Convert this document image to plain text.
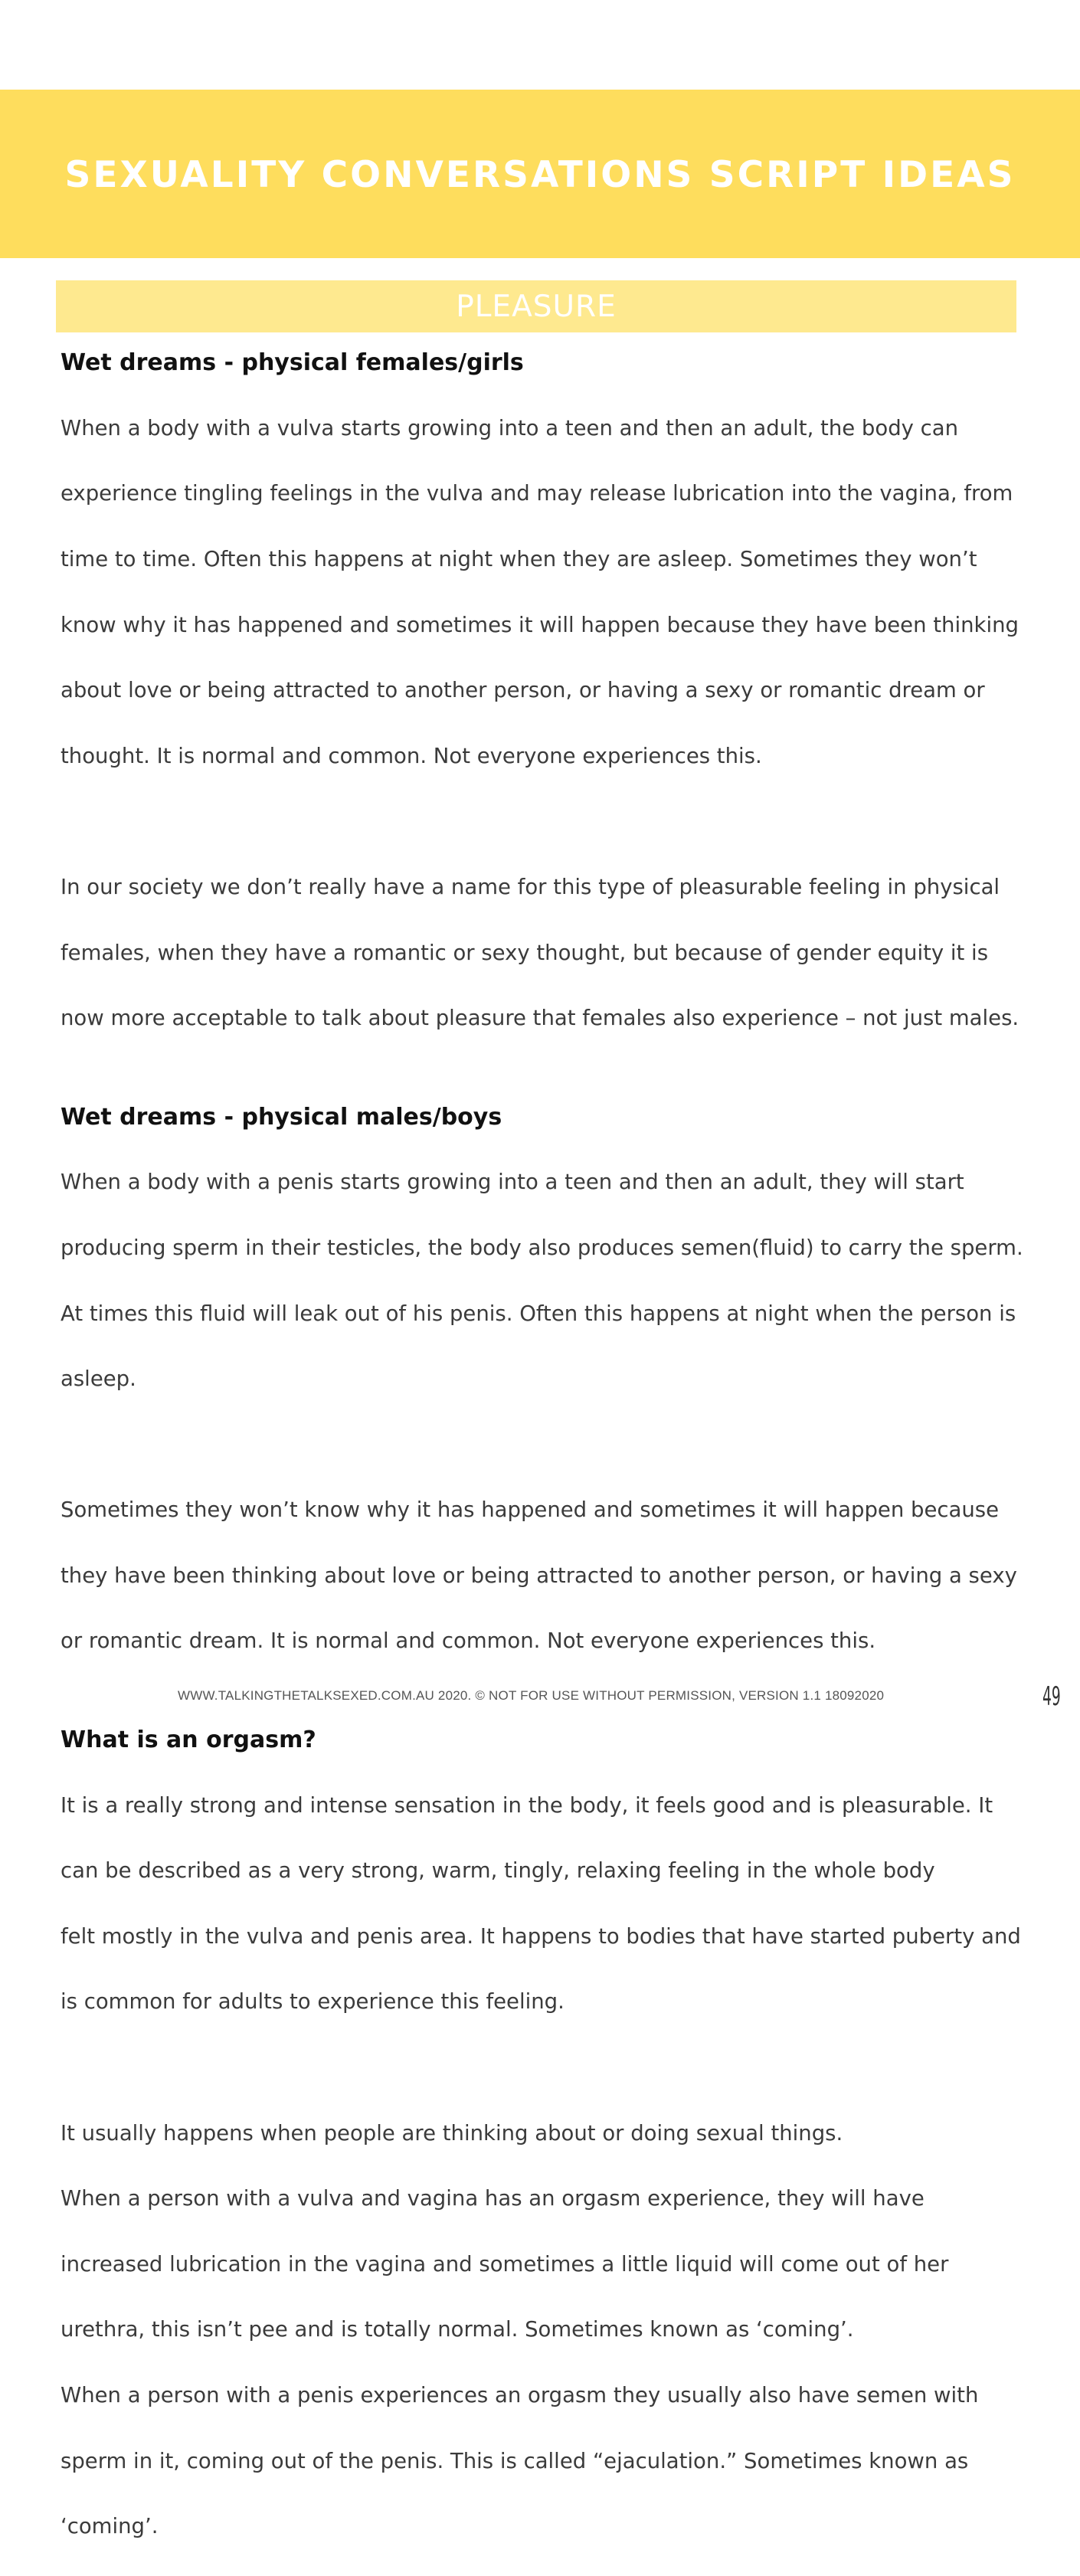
SEXUALITY CONVERSATIONS SCRIPT IDEAS
PLEASURE
Wet dreams - physical females/girls

When a body with a vulva starts growing into a teen and then an adult, the body can

experience tingling feelings in the vulva and may release lubrication into the vagina, from

time to time. Often this happens at night when they are asleep. Sometimes they won’t

know why it has happened and sometimes it will happen because they have been thinking

about love or being attracted to another person, or having a sexy or romantic dream or

thought. It is normal and common. Not everyone experiences this.

In our society we don’t really have a name for this type of pleasurable feeling in physical

females, when they have a romantic or sexy thought, but because of gender equity it is

now more acceptable to talk about pleasure that females also experience – not just males.

Wet dreams - physical males/boys

When a body with a penis starts growing into a teen and then an adult, they will start

producing sperm in their testicles, the body also produces semen(fluid) to carry the sperm.

At times this fluid will leak out of his penis. Often this happens at night when the person is

asleep.

Sometimes they won’t know why it has happened and sometimes it will happen because

they have been thinking about love or being attracted to another person, or having a sexy

or romantic dream. It is normal and common. Not everyone experiences this.

What is an orgasm?

It is a really strong and intense sensation in the body, it feels good and is pleasurable. It

can be described as a very strong, warm, tingly, relaxing feeling in the whole body

felt mostly in the vulva and penis area. It happens to bodies that have started puberty and

is common for adults to experience this feeling.

It usually happens when people are thinking about or doing sexual things.

When a person with a vulva and vagina has an orgasm experience, they will have

increased lubrication in the vagina and sometimes a little liquid will come out of her

urethra, this isn’t pee and is totally normal. Sometimes known as ‘coming’.

When a person with a penis experiences an orgasm they usually also have semen with

sperm in it, coming out of the penis. This is called “ejaculation.” Sometimes known as

‘coming’.

WWW.TALKINGTHETALKSEXED.COM.AU 2020. © NOT FOR USE WITHOUT PERMISSION, VERSION 1.1 18092020	49
